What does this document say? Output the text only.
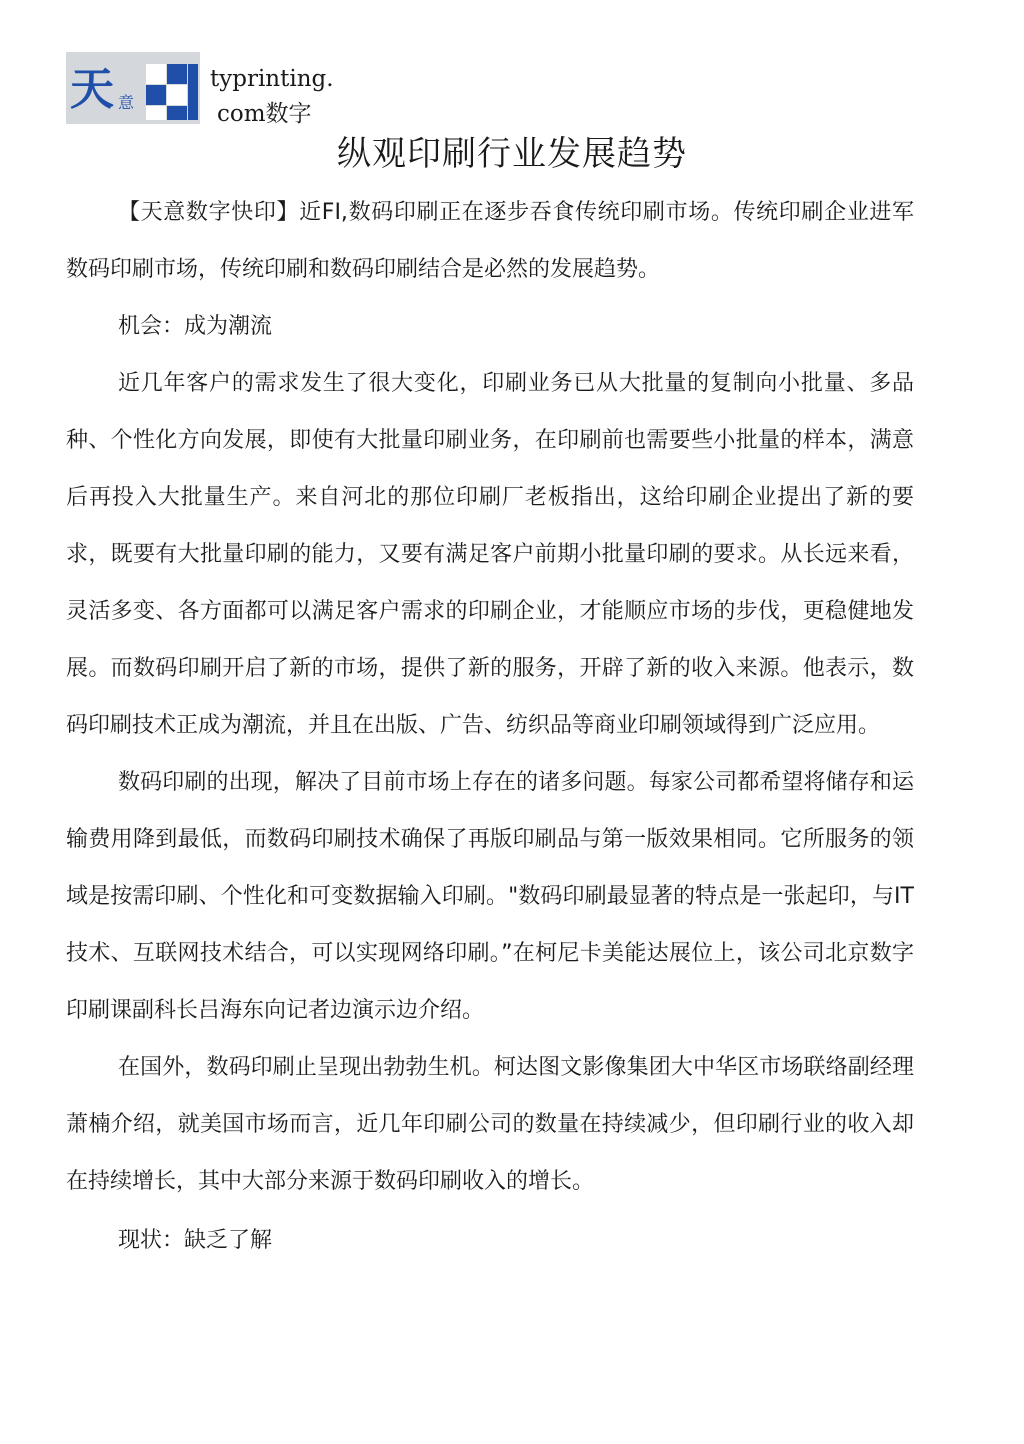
天 意
typrinting.
com数字
纵观印刷行业发展趋势

【天意数字快印】近FI,数码印刷正在逐步吞食传统印刷市场。传统印刷企业进军数码印刷市场，传统印刷和数码印刷结合是必然的发展趋势。

机会：成为潮流

近几年客户的需求发生了很大变化，印刷业务已从大批量的复制向小批量、多品种、个性化方向发展，即使有大批量印刷业务，在印刷前也需要些小批量的样本，满意后再投入大批量生产。来自河北的那位印刷厂老板指出，这给印刷企业提出了新的要求，既要有大批量印刷的能力，又要有满足客户前期小批量印刷的要求。从长远来看，灵活多变、各方面都可以满足客户需求的印刷企业，才能顺应市场的步伐，更稳健地发展。而数码印刷开启了新的市场，提供了新的服务，开辟了新的收入来源。他表示，数码印刷技术正成为潮流，并且在出版、广告、纺织品等商业印刷领域得到广泛应用。

数码印刷的出现，解决了目前市场上存在的诸多问题。每家公司都希望将储存和运输费用降到最低，而数码印刷技术确保了再版印刷品与第一版效果相同。它所服务的领域是按需印刷、个性化和可变数据输入印刷。"数码印刷最显著的特点是一张起印，与IT技术、互联网技术结合，可以实现网络印刷。”在柯尼卡美能达展位上，该公司北京数字印刷课副科长吕海东向记者边演示边介绍。

在国外，数码印刷止呈现出勃勃生机。柯达图文影像集团大中华区市场联络副经理萧楠介绍，就美国市场而言，近几年印刷公司的数量在持续减少，但印刷行业的收入却在持续增长，其中大部分来源于数码印刷收入的增长。

现状：缺乏了解
